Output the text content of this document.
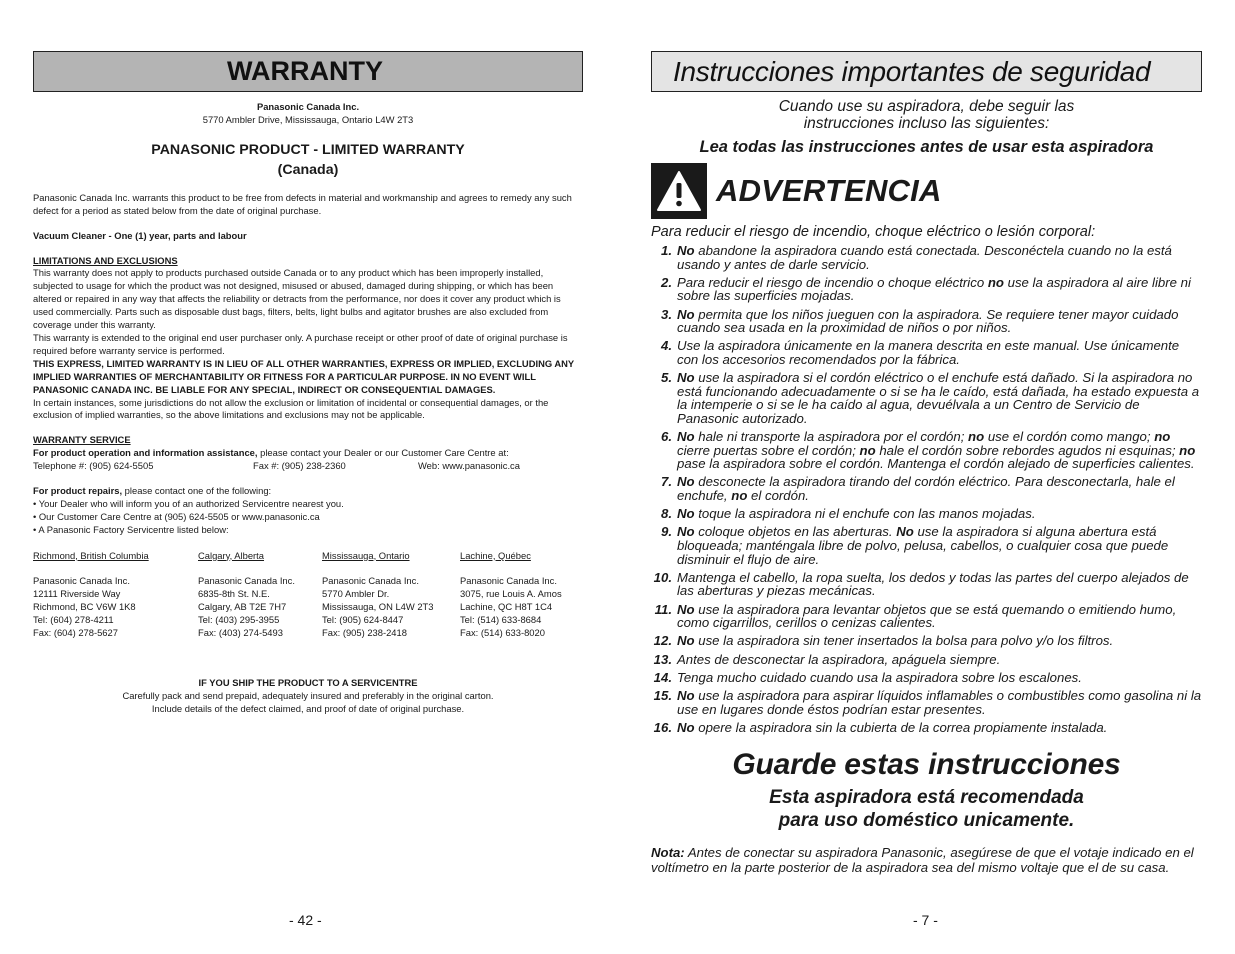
WARRANTY
Panasonic Canada Inc.
5770 Ambler Drive, Mississauga, Ontario L4W 2T3
PANASONIC PRODUCT - LIMITED WARRANTY
(Canada)
Panasonic Canada Inc. warrants this product to be free from defects in material and workmanship and agrees to remedy any such defect for a period as stated below from the date of original purchase.
Vacuum Cleaner - One (1) year, parts and labour
LIMITATIONS AND EXCLUSIONS
This warranty does not apply to products purchased outside Canada or to any product which has been improperly installed, subjected to usage for which the product was not designed, misused or abused, damaged during shipping, or which has been altered or repaired in any way that affects the reliability or detracts from the performance, nor does it cover any product which is used commercially. Parts such as disposable dust bags, filters, belts, light bulbs and agitator brushes are also excluded from coverage under this warranty.
This warranty is extended to the original end user purchaser only. A purchase receipt or other proof of date of original purchase is required before warranty service is performed.
THIS EXPRESS, LIMITED WARRANTY IS IN LIEU OF ALL OTHER WARRANTIES, EXPRESS OR IMPLIED, EXCLUDING ANY IMPLIED WARRANTIES OF MERCHANTABILITY OR FITNESS FOR A PARTICULAR PURPOSE. IN NO EVENT WILL PANASONIC CANADA INC. BE LIABLE FOR ANY SPECIAL, INDIRECT OR CONSEQUENTIAL DAMAGES.
In certain instances, some jurisdictions do not allow the exclusion or limitation of incidental or consequential damages, or the exclusion of implied warranties, so the above limitations and exclusions may not be applicable.
WARRANTY SERVICE
For product operation and information assistance, please contact your Dealer or our Customer Care Centre at:
Telephone #: (905) 624-5505	Fax #: (905) 238-2360	Web: www.panasonic.ca
For product repairs, please contact one of the following:
• Your Dealer who will inform you of an authorized Servicentre nearest you.
• Our Customer Care Centre at (905) 624-5505 or www.panasonic.ca
• A Panasonic Factory Servicentre listed below:
Richmond, British Columbia

Panasonic Canada Inc.
12111 Riverside Way
Richmond, BC V6W 1K8
Tel: (604) 278-4211
Fax: (604) 278-5627
Calgary, Alberta

Panasonic Canada Inc.
6835-8th St. N.E.
Calgary, AB T2E 7H7
Tel: (403) 295-3955
Fax: (403) 274-5493
Mississauga, Ontario

Panasonic Canada Inc.
5770 Ambler Dr.
Mississauga, ON L4W 2T3
Tel: (905) 624-8447
Fax: (905) 238-2418
Lachine, Québec

Panasonic Canada Inc.
3075, rue Louis A. Amos
Lachine, QC H8T 1C4
Tel: (514) 633-8684
Fax: (514) 633-8020
IF YOU SHIP THE PRODUCT TO A SERVICENTRE
Carefully pack and send prepaid, adequately insured and preferably in the original carton.
Include details of the defect claimed, and proof of date of original purchase.
- 42 -
Instrucciones importantes de seguridad
Cuando use su aspiradora, debe seguir las
instrucciones incluso las siguientes:
Lea todas las instrucciones antes de usar esta aspiradora
ADVERTENCIA
Para reducir el riesgo de incendio, choque eléctrico o lesión corporal:
1. No abandone la aspiradora cuando está conectada. Desconéctela cuando no la está usando y antes de darle servicio.
2. Para reducir el riesgo de incendio o choque eléctrico no use la aspiradora al aire libre ni sobre las superficies mojadas.
3. No permita que los niños jueguen con la aspiradora. Se requiere tener mayor cuidado cuando sea usada en la proximidad de niños o por niños.
4. Use la aspiradora únicamente en la manera descrita en este manual. Use únicamente con los accesorios recomendados por la fábrica.
5. No use la aspiradora si el cordón eléctrico o el enchufe está dañado. Si la aspiradora no está funcionando adecuadamente o si se ha le caído, está dañada, ha estado expuesta a la intemperie o si se le ha caído al agua, devuélvala a un Centro de Servicio de Panasonic autorizado.
6. No hale ni transporte la aspiradora por el cordón; no use el cordón como mango; no cierre puertas sobre el cordón; no hale el cordón sobre rebordes agudos ni esquinas; no pase la aspiradora sobre el cordón. Mantenga el cordón alejado de superficies calientes.
7. No desconecte la aspiradora tirando del cordón eléctrico. Para desconectarla, hale el enchufe, no el cordón.
8. No toque la aspiradora ni el enchufe con las manos mojadas.
9. No coloque objetos en las aberturas. No use la aspiradora si alguna abertura está bloqueada; manténgala libre de polvo, pelusa, cabellos, o cualquier cosa que puede disminuir el flujo de aire.
10. Mantenga el cabello, la ropa suelta, los dedos y todas las partes del cuerpo alejados de las aberturas y piezas mecánicas.
11. No use la aspiradora para levantar objetos que se está quemando o emitiendo humo, como cigarrillos, cerillos o cenizas calientes.
12. No use la aspiradora sin tener insertados la bolsa para polvo y/o los filtros.
13. Antes de desconectar la aspiradora, apáguela siempre.
14. Tenga mucho cuidado cuando usa la aspiradora sobre los escalones.
15. No use la aspiradora para aspirar líquidos inflamables o combustibles como gasolina ni la use en lugares donde éstos podrían estar presentes.
16. No opere la aspiradora sin la cubierta de la correa propiamente instalada.
Guarde estas instrucciones
Esta aspiradora está recomendada
para uso doméstico unicamente.
Nota: Antes de conectar su aspiradora Panasonic, asegúrese de que el votaje indicado en el voltímetro en la parte posterior de la aspiradora sea del mismo voltaje que el de su casa.
- 7 -
